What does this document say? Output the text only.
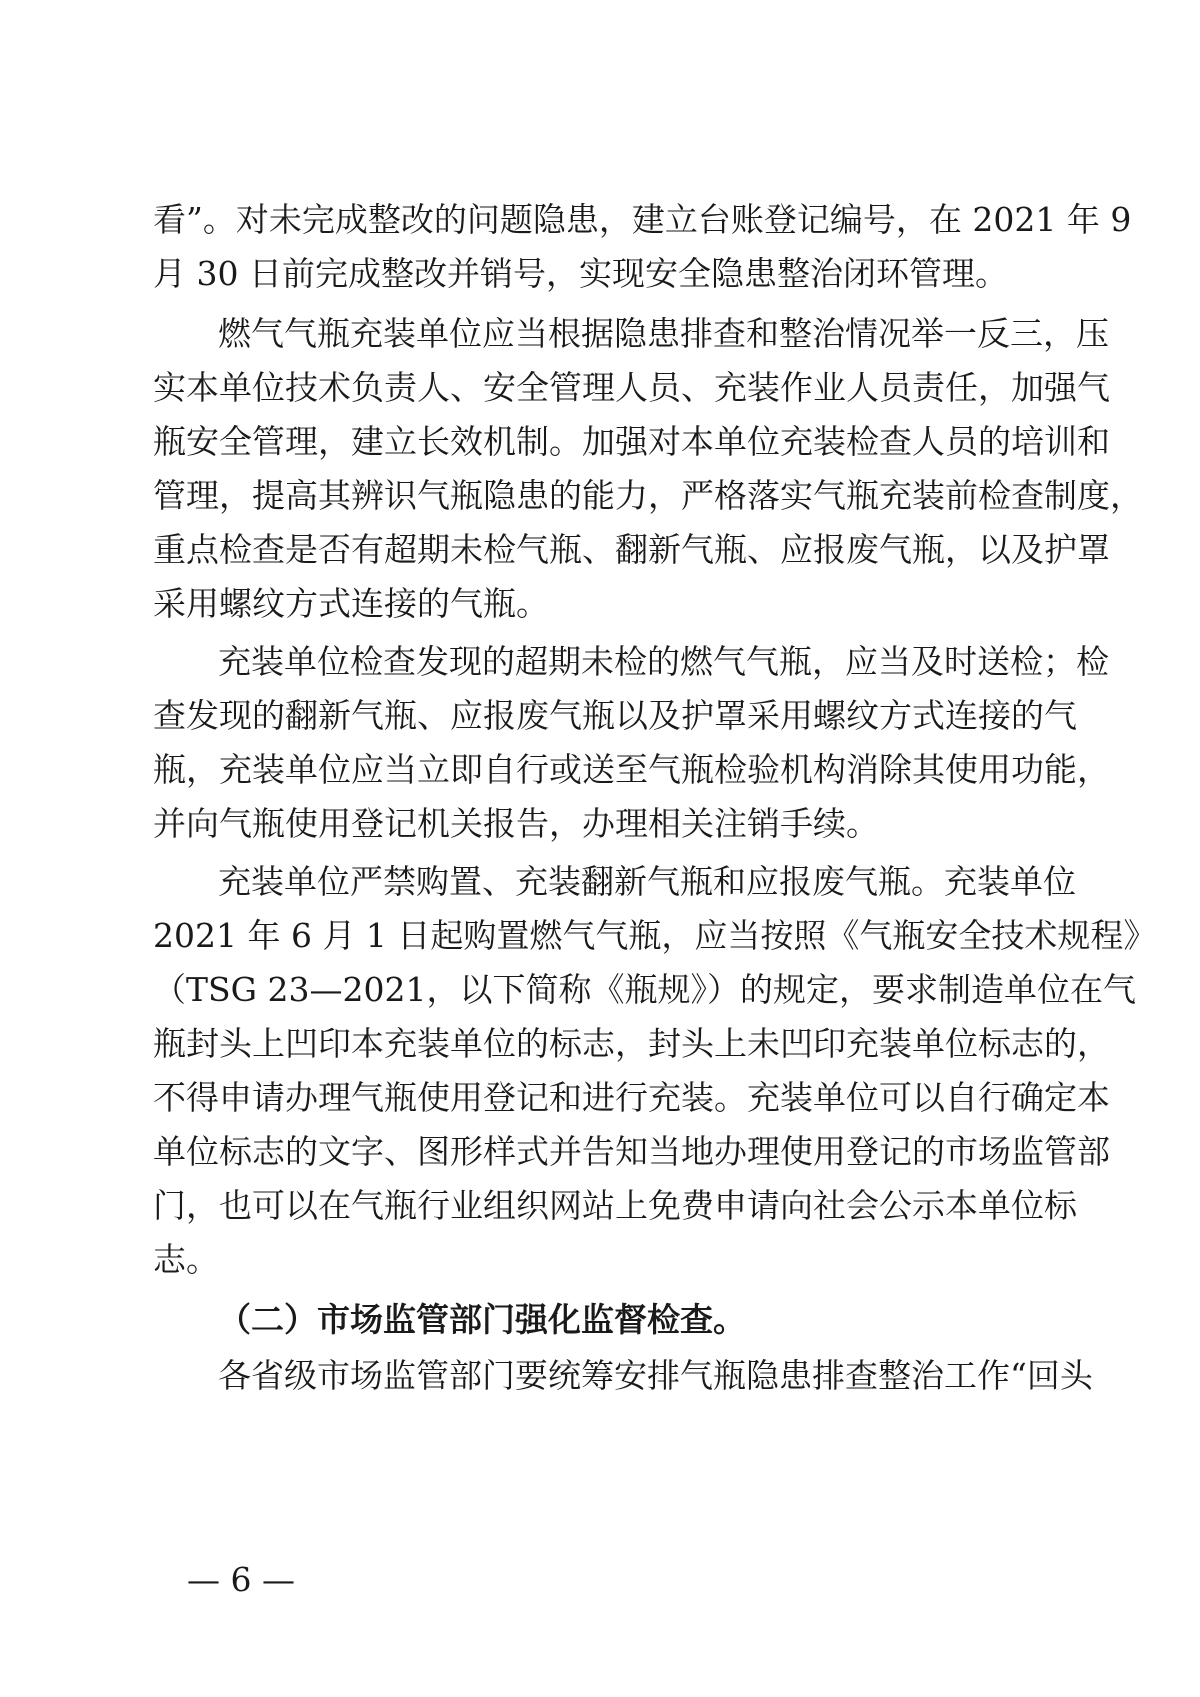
看”。对未完成整改的问题隐患，建立台账登记编号，在 2021 年 9
月 30 日前完成整改并销号，实现安全隐患整治闭环管理。
燃气气瓶充装单位应当根据隐患排查和整治情况举一反三，压
实本单位技术负责人、安全管理人员、充装作业人员责任，加强气
瓶安全管理，建立长效机制。加强对本单位充装检查人员的培训和
管理，提高其辨识气瓶隐患的能力，严格落实气瓶充装前检查制度，
重点检查是否有超期未检气瓶、翻新气瓶、应报废气瓶，以及护罩
采用螺纹方式连接的气瓶。
充装单位检查发现的超期未检的燃气气瓶，应当及时送检；检
查发现的翻新气瓶、应报废气瓶以及护罩采用螺纹方式连接的气
瓶，充装单位应当立即自行或送至气瓶检验机构消除其使用功能，
并向气瓶使用登记机关报告，办理相关注销手续。
充装单位严禁购置、充装翻新气瓶和应报废气瓶。充装单位
2021 年 6 月 1 日起购置燃气气瓶，应当按照《气瓶安全技术规程》
（TSG 23—2021，以下简称《瓶规》）的规定，要求制造单位在气
瓶封头上凹印本充装单位的标志，封头上未凹印充装单位标志的，
不得申请办理气瓶使用登记和进行充装。充装单位可以自行确定本
单位标志的文字、图形样式并告知当地办理使用登记的市场监管部
门，也可以在气瓶行业组织网站上免费申请向社会公示本单位标
志。
（二）市场监管部门强化监督检查。
各省级市场监管部门要统筹安排气瓶隐患排查整治工作“回头
— 6 —
